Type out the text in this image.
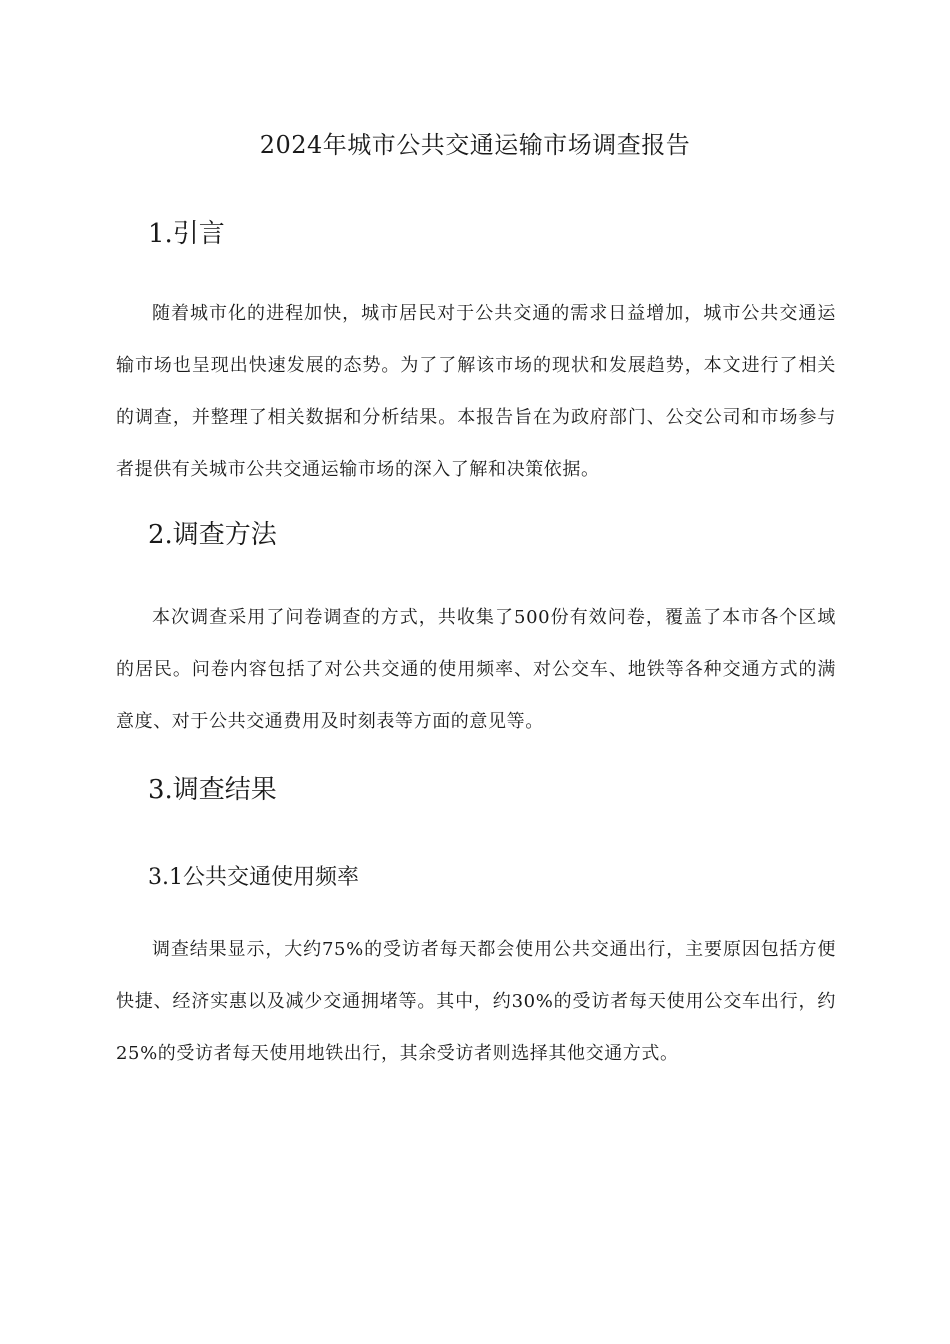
2024年城市公共交通运输市场调查报告
1.引言

随着城市化的进程加快，城市居民对于公共交通的需求日益增加，城市公共交通运输市场也呈现出快速发展的态势。为了了解该市场的现状和发展趋势，本文进行了相关的调查，并整理了相关数据和分析结果。本报告旨在为政府部门、公交公司和市场参与者提供有关城市公共交通运输市场的深入了解和决策依据。

2.调查方法

本次调查采用了问卷调查的方式，共收集了500份有效问卷，覆盖了本市各个区域的居民。问卷内容包括了对公共交通的使用频率、对公交车、地铁等各种交通方式的满意度、对于公共交通费用及时刻表等方面的意见等。

3.调查结果
3.1公共交通使用频率

调查结果显示，大约75%的受访者每天都会使用公共交通出行，主要原因包括方便快捷、经济实惠以及减少交通拥堵等。其中，约30%的受访者每天使用公交车出行，约25%的受访者每天使用地铁出行，其余受访者则选择其他交通方式。
